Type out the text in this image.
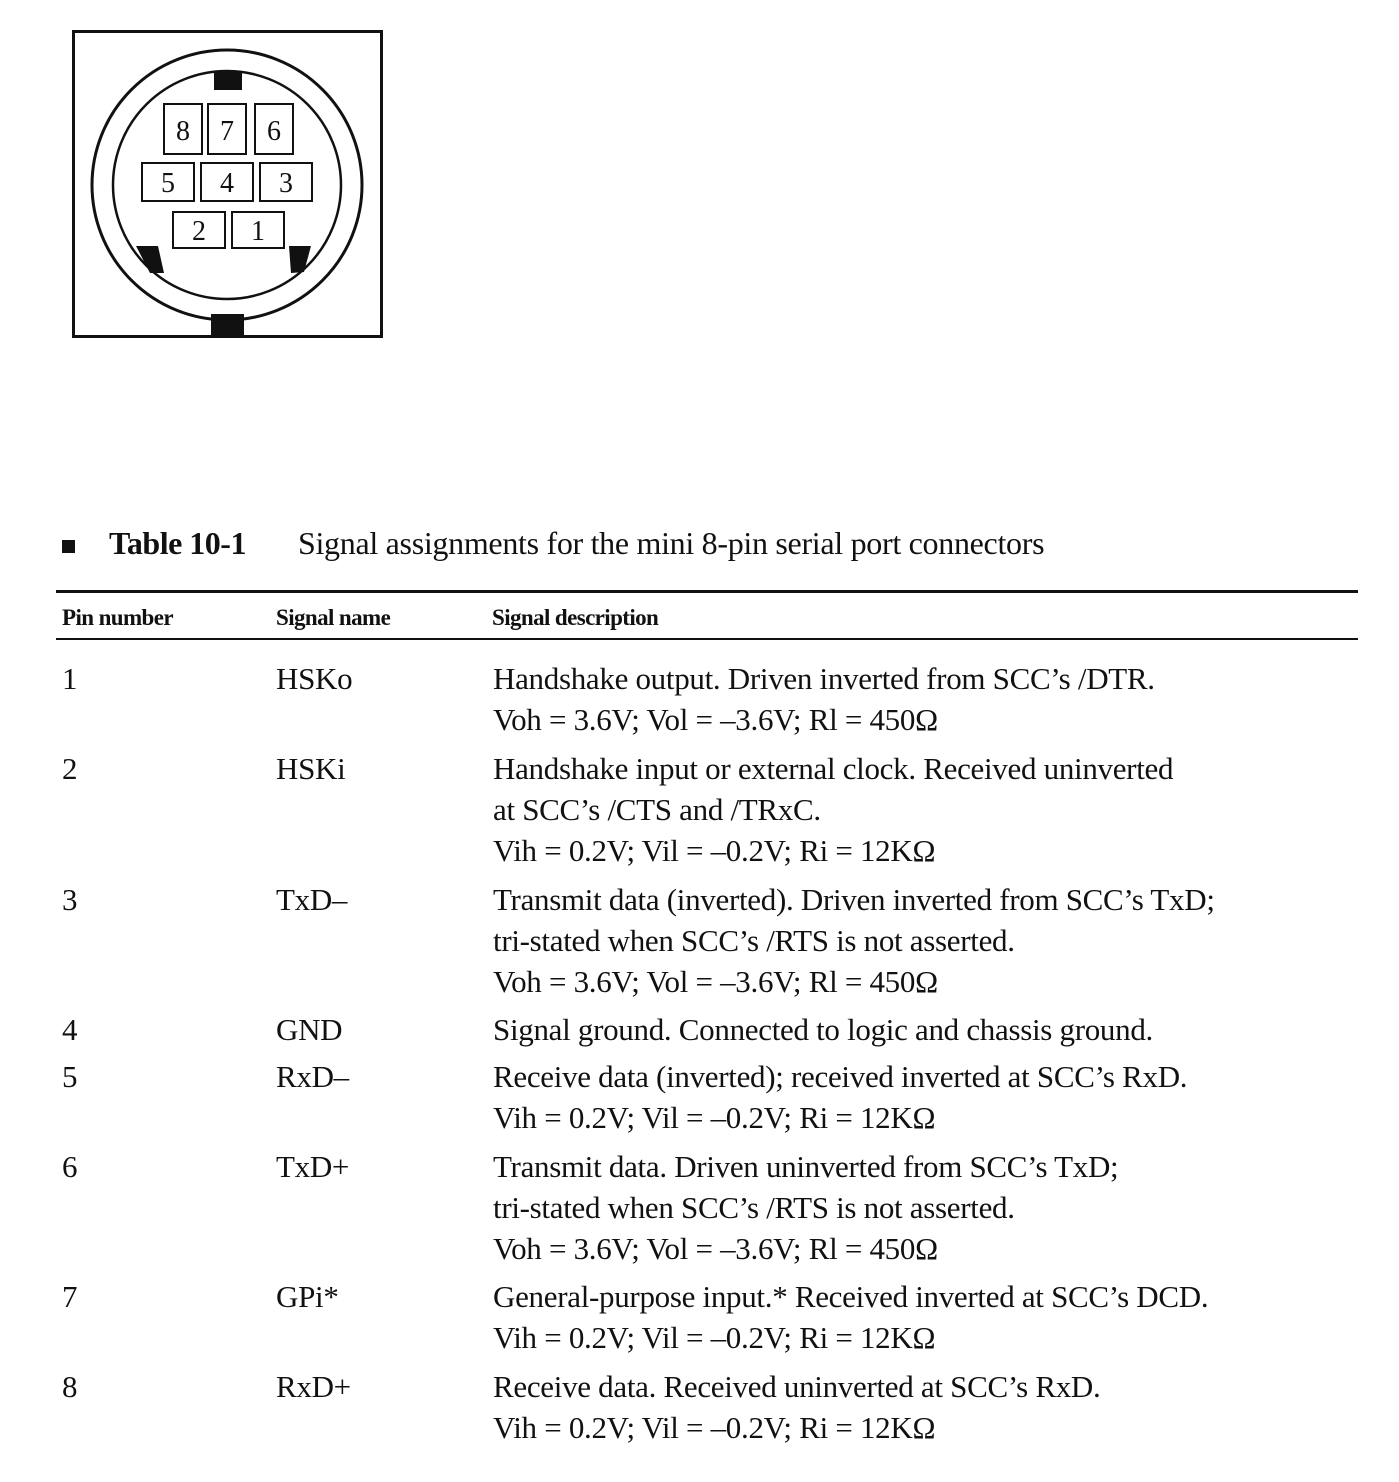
8 7 6
5 4 3
2 1
Table 10-1 Signal assignments for the mini 8-pin serial port connectors
Pin number	Signal name	Signal description
1	HSKo	Handshake output. Driven inverted from SCC’s /DTR.
Voh = 3.6V; Vol = –3.6V; Rl = 450Ω
2	HSKi	Handshake input or external clock. Received uninverted
at SCC’s /CTS and /TRxC.
Vih = 0.2V; Vil = –0.2V; Ri = 12KΩ
3	TxD–	Transmit data (inverted). Driven inverted from SCC’s TxD;
tri-stated when SCC’s /RTS is not asserted.
Voh = 3.6V; Vol = –3.6V; Rl = 450Ω
4	GND	Signal ground. Connected to logic and chassis ground.
5	RxD–	Receive data (inverted); received inverted at SCC’s RxD.
Vih = 0.2V; Vil = –0.2V; Ri = 12KΩ
6	TxD+	Transmit data. Driven uninverted from SCC’s TxD;
tri-stated when SCC’s /RTS is not asserted.
Voh = 3.6V; Vol = –3.6V; Rl = 450Ω
7	GPi*	General-purpose input.* Received inverted at SCC’s DCD.
Vih = 0.2V; Vil = –0.2V; Ri = 12KΩ
8	RxD+	Receive data. Received uninverted at SCC’s RxD.
Vih = 0.2V; Vil = –0.2V; Ri = 12KΩ
